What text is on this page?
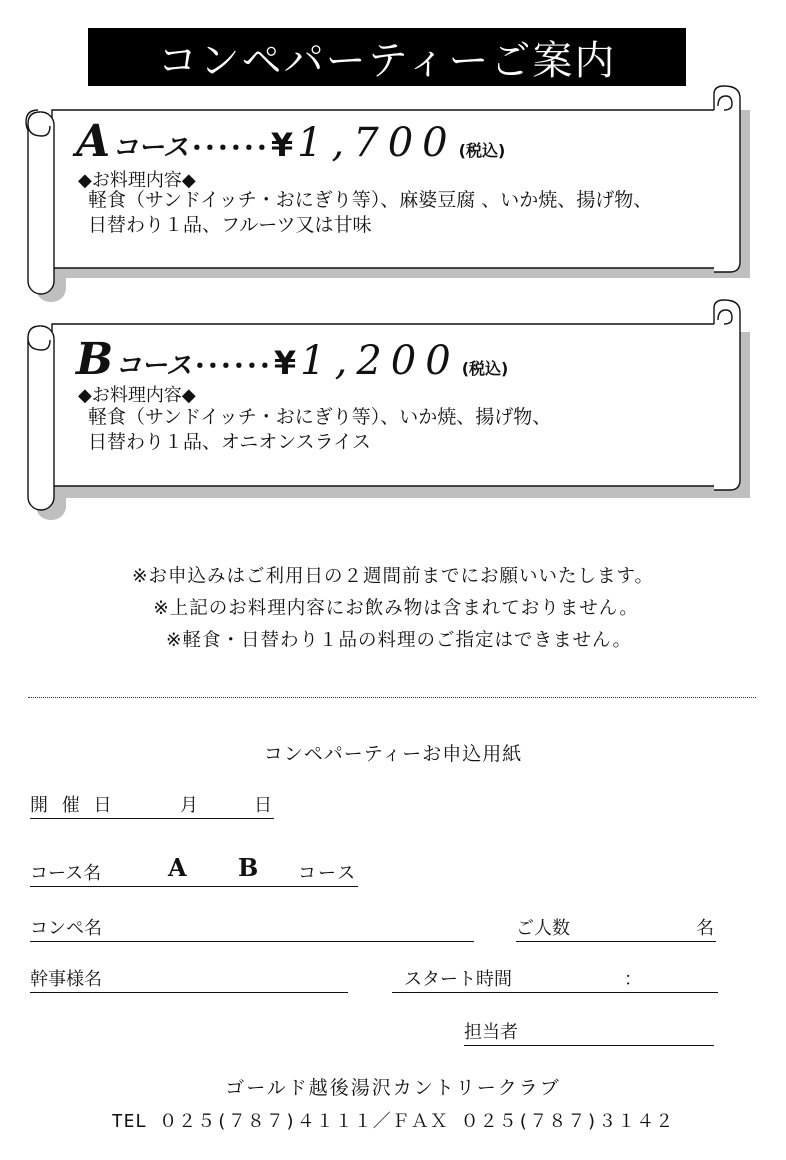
コンペパーティーご案内
A コース ･･････ ¥ 1,700 (税込)
◆お料理内容◆
軽食（サンドイッチ・おにぎり等）、麻婆豆腐 、いか焼、揚げ物、
日替わり１品、フルーツ又は甘味
B コース ･･････ ¥ 1,200 (税込)
◆お料理内容◆
軽食（サンドイッチ・おにぎり等）、いか焼、揚げ物、
日替わり１品、オニオンスライス
※お申込みはご利用日の２週間前までにお願いいたします。
※上記のお料理内容にお飲み物は含まれておりません。
※軽食・日替わり１品の料理のご指定はできません。
コンペパーティーお申込用紙
開 催 日	月	日
コース名	A B コース
コンペ名	ご人数	名
幹事様名	スタート時間	：
担当者
ゴールド越後湯沢カントリークラブ
TEL ０２５(７８７)４１１１／ＦＡＸ ０２５(７８７)３１４２
